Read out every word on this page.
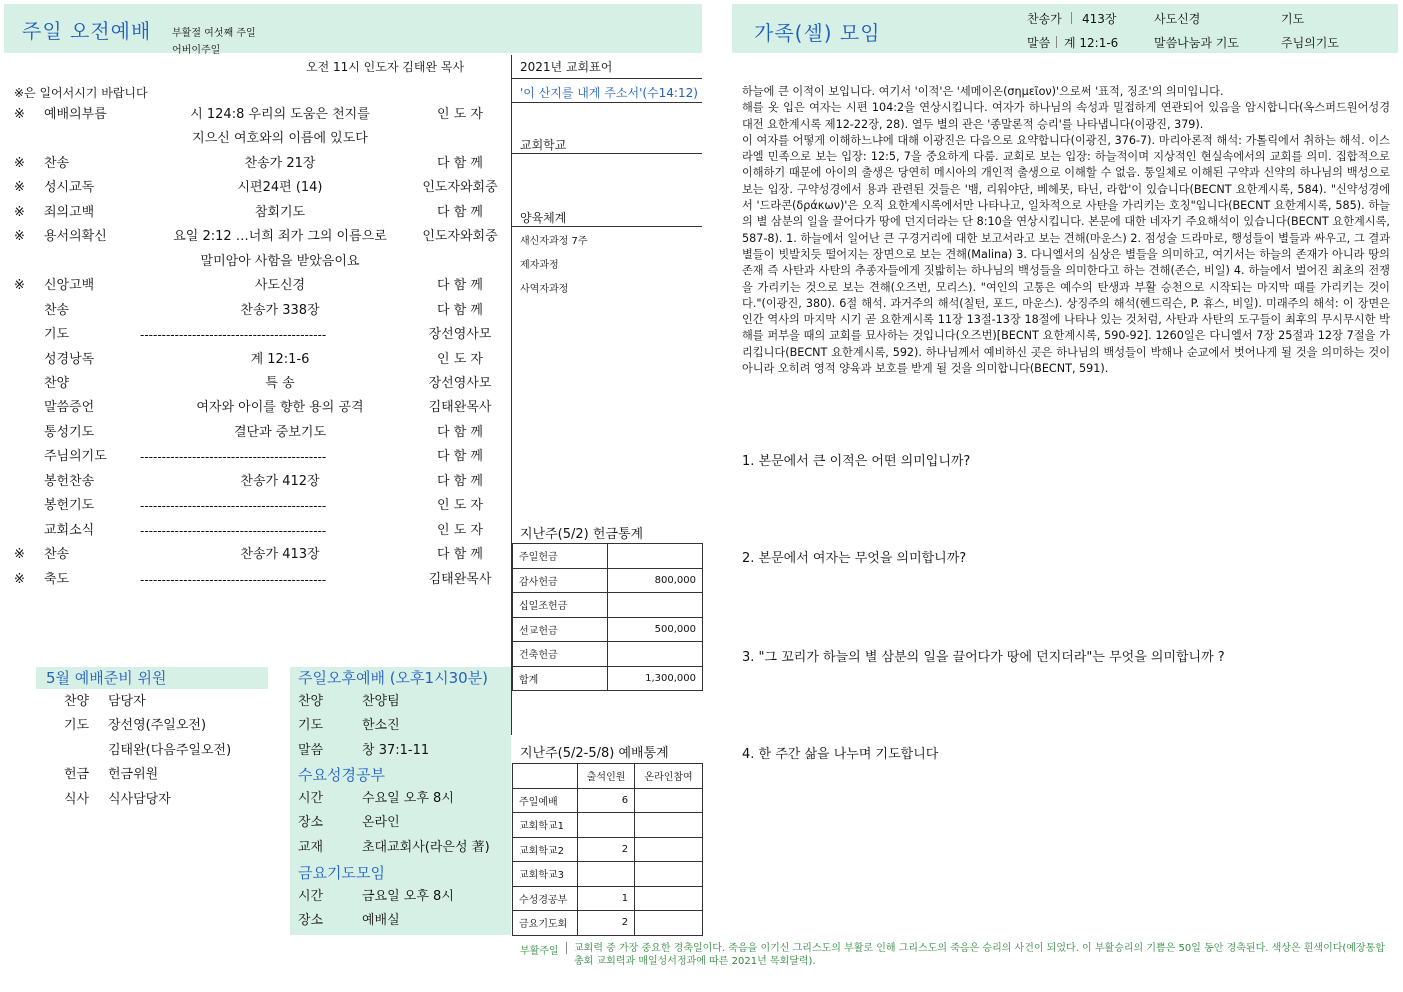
주일 오전예배 부활절 여섯째 주일
어버이주일
오전 11시 인도자 김태완 목사
※은 일어서시기 바랍니다
※ 예배의부름	시 124:8 우리의 도움은 천지를	인 도 자
지으신 여호와의 이름에 있도다
※ 찬송	찬송가 21장	다 함 께
※ 성시교독	시편24편 (14)	인도자와회중
※ 죄의고백	참회기도	다 함 께
※ 용서의확신	요일 2:12 …너희 죄가 그의 이름으로	인도자와회중
말미암아 사함을 받았음이요
※ 신앙고백	사도신경	다 함 께
찬송	찬송가 338장	다 함 께
기도	-------------------------------------------	장선영사모
성경낭독	계 12:1-6	인 도 자
찬양	특 송	장선영사모
말씀증언	여자와 아이를 향한 용의 공격	김태완목사
통성기도	결단과 중보기도	다 함 께
주님의기도	-------------------------------------------	다 함 께
봉헌찬송	찬송가 412장	다 함 께
봉헌기도	-------------------------------------------	인 도 자
교회소식	-------------------------------------------	인 도 자
※ 찬송	찬송가 413장	다 함 께
※ 축도	-------------------------------------------	김태완목사
2021년 교회표어
'이 산지를 내게 주소서'(수14:12)
교회학교
양육체계
새신자과정 7주
제자과정
사역자과정
지난주(5/2) 헌금통계
주일헌금	
감사헌금	800,000
십일조헌금	
선교헌금	500,000
건축헌금	
합계	1,300,000
지난주(5/2-5/8) 예배통계
	출석인원	온라인참여
주일예배	6	
교회학교1		
교회학교2	2	
교회학교3		
수성경공부	1	
금요기도회	2	
5월 예배준비 위원
찬양 담당자
기도 장선영(주일오전)
김태완(다음주일오전)
헌금 헌금위원
식사 식사담당자
주일오후예배 (오후1시30분)
찬양	찬양팀
기도	한소진
말씀	창 37:1-11
수요성경공부
시간	수요일 오후 8시
장소	온라인
교재	초대교회사(라은성 著)
금요기도모임
시간	금요일 오후 8시
장소	예배실
부활주일 교회력 중 가장 중요한 경축일이다. 죽음을 이기신 그리스도의 부활로 인해 그리스도의 죽음은 승리의 사건이 되었다. 이 부활승리의 기쁨은 50일 동안 경축된다. 색상은 흰색이다(예장통합 총회 교회력과 매일성서정과에 따른 2021년 목회달력).
가족(셀) 모임
찬송가 413장	사도신경	기도
말씀 계 12:1-6	말씀나눔과 기도	주님의기도
하늘에 큰 이적이 보입니다. 여기서 '이적'은 '세메이온(σημεῖον)'으로써 '표적, 징조'의 의미입니다.
해를 옷 입은 여자는 시편 104:2을 연상시킵니다. 여자가 하나님의 속성과 밀접하게 연관되어 있음을 암시합니다(옥스퍼드원어성경대전 요한계시록 제12-22장, 28). 열두 별의 관은 '종말론적 승리'를 나타냅니다(이광진, 379).
이 여자를 어떻게 이해하느냐에 대해 이광진은 다음으로 요약합니다(이광진, 376-7). 마리아론적 해석: 가톨릭에서 취하는 해석. 이스라엘 민족으로 보는 입장: 12:5, 7을 중요하게 다룸. 교회로 보는 입장: 하늘적이며 지상적인 현실속에서의 교회를 의미. 집합적으로 이해하기 때문에 아이의 출생은 당연히 메시아의 개인적 출생으로 이해할 수 없음. 통일체로 이해된 구약과 신약의 하나님의 백성으로 보는 입장. 구약성경에서 용과 관련된 것들은 '뱀, 리워야단, 베헤못, 타닌, 라합'이 있습니다(BECNT 요한계시록, 584). "신약성경에서 '드라콘(δράκων)'은 오직 요한계시록에서만 나타나고, 일차적으로 사탄을 가리키는 호칭"입니다(BECNT 요한계시록, 585). 하늘의 별 삼분의 일을 끌어다가 땅에 던지더라는 단 8:10을 연상시킵니다. 본문에 대한 네자기 주요해석이 있습니다(BECNT 요한계시록, 587-8). 1. 하늘에서 일어난 큰 구경거리에 대한 보고서라고 보는 견해(마운스) 2. 점성술 드라마로, 행성들이 별들과 싸우고, 그 결과 별들이 빗발치듯 떨어지는 장면으로 보는 견해(Malina) 3. 다니엘서의 심상은 별들을 의미하고, 여기서는 하늘의 존재가 아니라 땅의 존재 즉 사탄과 사탄의 추종자들에게 짓밟히는 하나님의 백성들을 의미한다고 하는 견해(존슨, 비일) 4. 하늘에서 벌어진 최초의 전쟁을 가리키는 것으로 보는 견해(오즈번, 모리스). "여인의 고통은 예수의 탄생과 부활 승천으로 시작되는 마지막 때를 가리키는 것이다."(이광진, 380). 6절 해석. 과거주의 해석(칠턴, 포드, 마운스). 상징주의 해석(헨드릭슨, P. 휴스, 비일). 미래주의 해석: 이 장면은 인간 역사의 마지막 시기 곧 요한계시록 11장 13절-13장 18절에 나타나 있는 것처럼, 사탄과 사탄의 도구들이 최후의 무시무시한 박해를 퍼부을 때의 교회를 묘사하는 것입니다(오즈번)[BECNT 요한계시록, 590-92]. 1260일은 다니엘서 7장 25절과 12장 7절을 가리킵니다(BECNT 요한계시록, 592). 하나님께서 예비하신 곳은 하나님의 백성들이 박해나 순교에서 벗어나게 될 것을 의미하는 것이 아니라 오히려 영적 양육과 보호를 받게 될 것을 의미합니다(BECNT, 591).
1. 본문에서 큰 이적은 어떤 의미입니까?
2. 본문에서 여자는 무엇을 의미합니까?
3. "그 꼬리가 하늘의 별 삼분의 일을 끌어다가 땅에 던지더라"는 무엇을 의미합니까 ?
4. 한 주간 삶을 나누며 기도합니다
